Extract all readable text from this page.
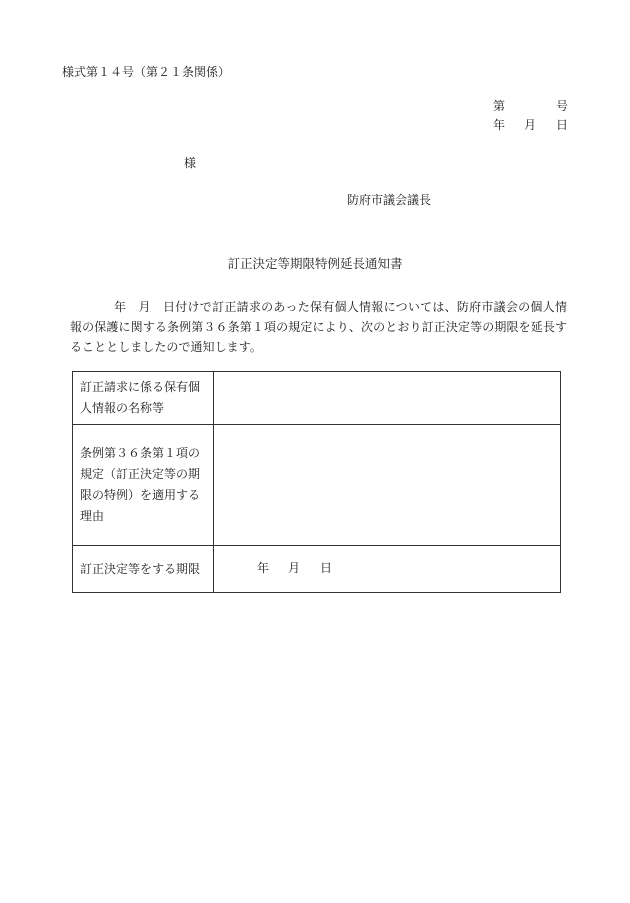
様式第１４号（第２１条関係）
第	号
年 月 日
様
防府市議会議長
訂正決定等期限特例延長通知書
年　月　日付けで訂正請求のあった保有個人情報については、防府市議会の個人情報の保護に関する条例第３６条第１項の規定により、次のとおり訂正決定等の期限を延長することとしましたので通知します。
訂正請求に係る保有個人情報の名称等	
条例第３６条第１項の規定（訂正決定等の期限の特例）を適用する理由	
訂正決定等をする期限	年 月 日
